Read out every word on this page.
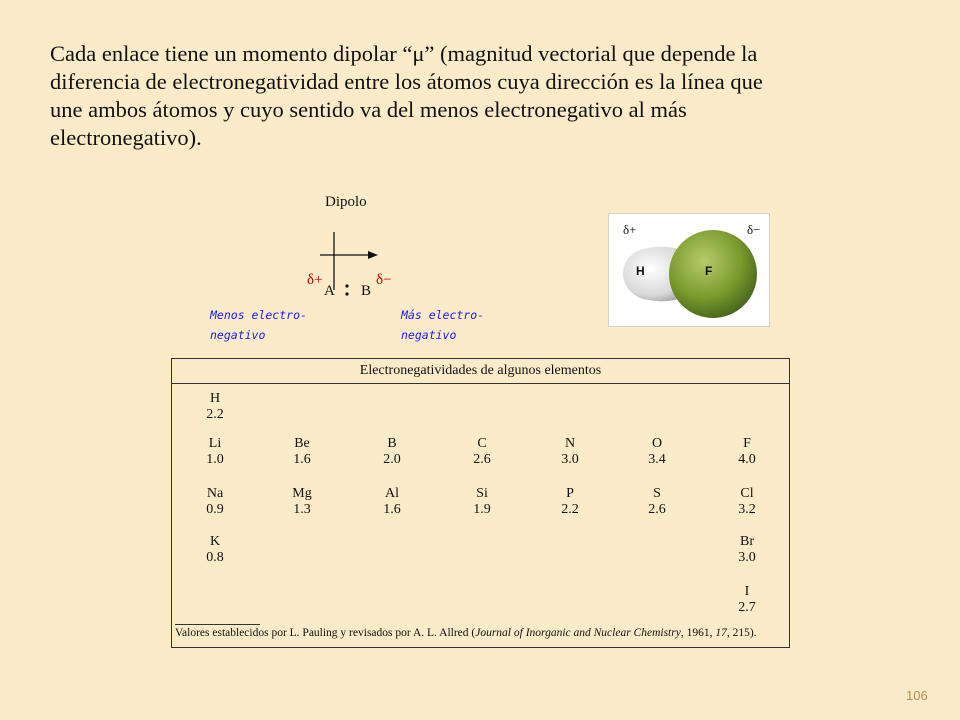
Cada enlace tiene un momento dipolar “μ” (magnitud vectorial que depende la
diferencia de electronegatividad entre los átomos cuya dirección es la línea que
une ambos átomos y cuyo sentido va del menos electronegativo al más
electronegativo).

Dipolo
δ+
A B
δ−
Menos electro-
negativo
Más electro-
negativo
δ+	δ−
H	F
Electronegatividades de algunos elementos
H
2.2
Li
1.0
Be
1.6
B
2.0
C
2.6
N
3.0
O
3.4
F
4.0
Na
0.9
Mg
1.3
Al
1.6
Si
1.9
P
2.2
S
2.6
Cl
3.2
K
0.8
Br
3.0
I
2.7
Valores establecidos por L. Pauling y revisados por A. L. Allred (Journal of Inorganic and Nuclear Chemistry, 1961, 17, 215).
106
